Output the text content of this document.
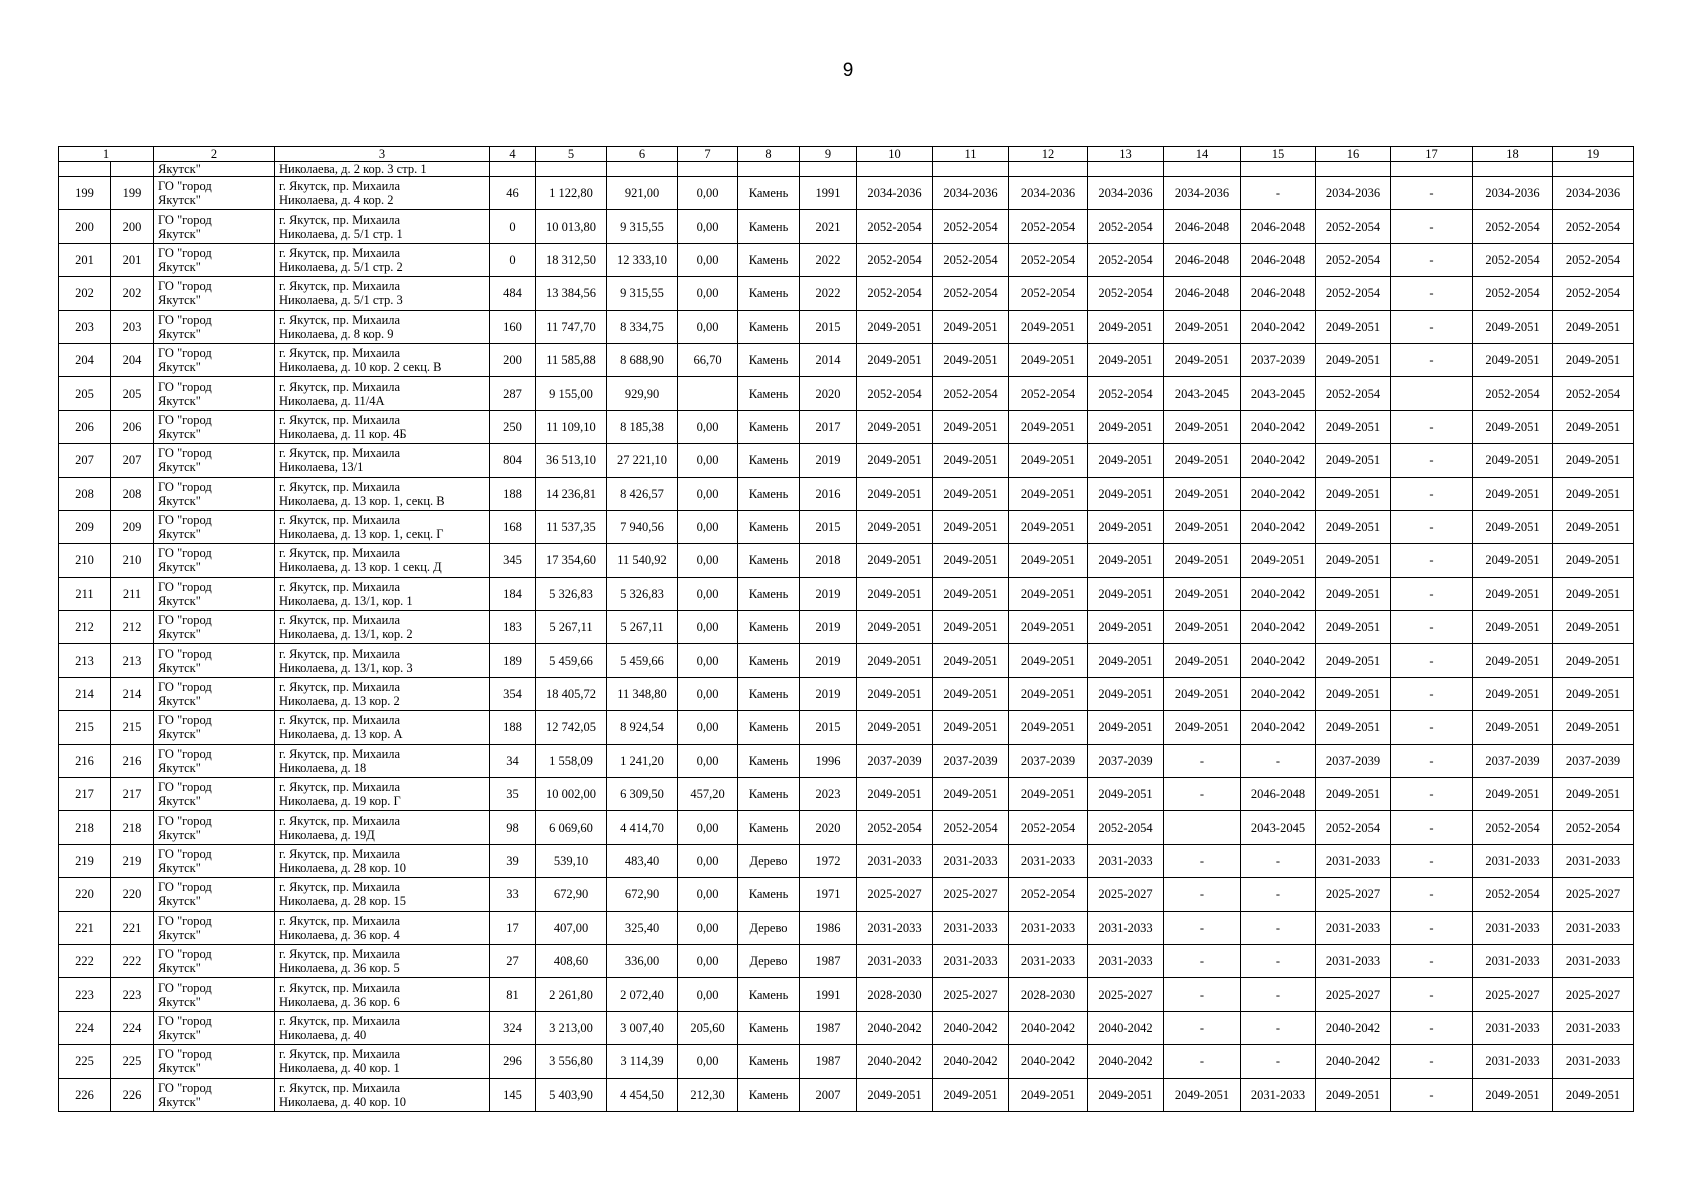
9
1		2	3	4	5	6	7	8	9	10	11	12	13	14	15	16	17	18	19
		Якутск"	Николаева, д. 2 кор. 3 стр. 1																
199	199	ГО "город
Якутск"	г. Якутск, пр. Михаила
Николаева, д. 4 кор. 2	46	1 122,80	921,00	0,00	Камень	1991	2034-2036	2034-2036	2034-2036	2034-2036	2034-2036	-	2034-2036	-	2034-2036	2034-2036
200	200	ГО "город
Якутск"	г. Якутск, пр. Михаила
Николаева, д. 5/1 стр. 1	0	10 013,80	9 315,55	0,00	Камень	2021	2052-2054	2052-2054	2052-2054	2052-2054	2046-2048	2046-2048	2052-2054	-	2052-2054	2052-2054
201	201	ГО "город
Якутск"	г. Якутск, пр. Михаила
Николаева, д. 5/1 стр. 2	0	18 312,50	12 333,10	0,00	Камень	2022	2052-2054	2052-2054	2052-2054	2052-2054	2046-2048	2046-2048	2052-2054	-	2052-2054	2052-2054
202	202	ГО "город
Якутск"	г. Якутск, пр. Михаила
Николаева, д. 5/1 стр. 3	484	13 384,56	9 315,55	0,00	Камень	2022	2052-2054	2052-2054	2052-2054	2052-2054	2046-2048	2046-2048	2052-2054	-	2052-2054	2052-2054
203	203	ГО "город
Якутск"	г. Якутск, пр. Михаила
Николаева, д. 8 кор. 9	160	11 747,70	8 334,75	0,00	Камень	2015	2049-2051	2049-2051	2049-2051	2049-2051	2049-2051	2040-2042	2049-2051	-	2049-2051	2049-2051
204	204	ГО "город
Якутск"	г. Якутск, пр. Михаила
Николаева, д. 10 кор. 2 секц. В	200	11 585,88	8 688,90	66,70	Камень	2014	2049-2051	2049-2051	2049-2051	2049-2051	2049-2051	2037-2039	2049-2051	-	2049-2051	2049-2051
205	205	ГО "город
Якутск"	г. Якутск, пр. Михаила
Николаева, д. 11/4А	287	9 155,00	929,90		Камень	2020	2052-2054	2052-2054	2052-2054	2052-2054	2043-2045	2043-2045	2052-2054		2052-2054	2052-2054
206	206	ГО "город
Якутск"	г. Якутск, пр. Михаила
Николаева, д. 11 кор. 4Б	250	11 109,10	8 185,38	0,00	Камень	2017	2049-2051	2049-2051	2049-2051	2049-2051	2049-2051	2040-2042	2049-2051	-	2049-2051	2049-2051
207	207	ГО "город
Якутск"	г. Якутск, пр. Михаила
Николаева, 13/1	804	36 513,10	27 221,10	0,00	Камень	2019	2049-2051	2049-2051	2049-2051	2049-2051	2049-2051	2040-2042	2049-2051	-	2049-2051	2049-2051
208	208	ГО "город
Якутск"	г. Якутск, пр. Михаила
Николаева, д. 13 кор. 1, секц. В	188	14 236,81	8 426,57	0,00	Камень	2016	2049-2051	2049-2051	2049-2051	2049-2051	2049-2051	2040-2042	2049-2051	-	2049-2051	2049-2051
209	209	ГО "город
Якутск"	г. Якутск, пр. Михаила
Николаева, д. 13 кор. 1, секц. Г	168	11 537,35	7 940,56	0,00	Камень	2015	2049-2051	2049-2051	2049-2051	2049-2051	2049-2051	2040-2042	2049-2051	-	2049-2051	2049-2051
210	210	ГО "город
Якутск"	г. Якутск, пр. Михаила
Николаева, д. 13 кор. 1 секц. Д	345	17 354,60	11 540,92	0,00	Камень	2018	2049-2051	2049-2051	2049-2051	2049-2051	2049-2051	2049-2051	2049-2051	-	2049-2051	2049-2051
211	211	ГО "город
Якутск"	г. Якутск, пр. Михаила
Николаева, д. 13/1, кор. 1	184	5 326,83	5 326,83	0,00	Камень	2019	2049-2051	2049-2051	2049-2051	2049-2051	2049-2051	2040-2042	2049-2051	-	2049-2051	2049-2051
212	212	ГО "город
Якутск"	г. Якутск, пр. Михаила
Николаева, д. 13/1, кор. 2	183	5 267,11	5 267,11	0,00	Камень	2019	2049-2051	2049-2051	2049-2051	2049-2051	2049-2051	2040-2042	2049-2051	-	2049-2051	2049-2051
213	213	ГО "город
Якутск"	г. Якутск, пр. Михаила
Николаева, д. 13/1, кор. 3	189	5 459,66	5 459,66	0,00	Камень	2019	2049-2051	2049-2051	2049-2051	2049-2051	2049-2051	2040-2042	2049-2051	-	2049-2051	2049-2051
214	214	ГО "город
Якутск"	г. Якутск, пр. Михаила
Николаева, д. 13 кор. 2	354	18 405,72	11 348,80	0,00	Камень	2019	2049-2051	2049-2051	2049-2051	2049-2051	2049-2051	2040-2042	2049-2051	-	2049-2051	2049-2051
215	215	ГО "город
Якутск"	г. Якутск, пр. Михаила
Николаева, д. 13 кор. А	188	12 742,05	8 924,54	0,00	Камень	2015	2049-2051	2049-2051	2049-2051	2049-2051	2049-2051	2040-2042	2049-2051	-	2049-2051	2049-2051
216	216	ГО "город
Якутск"	г. Якутск, пр. Михаила
Николаева, д. 18	34	1 558,09	1 241,20	0,00	Камень	1996	2037-2039	2037-2039	2037-2039	2037-2039	-	-	2037-2039	-	2037-2039	2037-2039
217	217	ГО "город
Якутск"	г. Якутск, пр. Михаила
Николаева, д. 19 кор. Г	35	10 002,00	6 309,50	457,20	Камень	2023	2049-2051	2049-2051	2049-2051	2049-2051	-	2046-2048	2049-2051	-	2049-2051	2049-2051
218	218	ГО "город
Якутск"	г. Якутск, пр. Михаила
Николаева, д. 19Д	98	6 069,60	4 414,70	0,00	Камень	2020	2052-2054	2052-2054	2052-2054	2052-2054		2043-2045	2052-2054	-	2052-2054	2052-2054
219	219	ГО "город
Якутск"	г. Якутск, пр. Михаила
Николаева, д. 28 кор. 10	39	539,10	483,40	0,00	Дерево	1972	2031-2033	2031-2033	2031-2033	2031-2033	-	-	2031-2033	-	2031-2033	2031-2033
220	220	ГО "город
Якутск"	г. Якутск, пр. Михаила
Николаева, д. 28 кор. 15	33	672,90	672,90	0,00	Камень	1971	2025-2027	2025-2027	2052-2054	2025-2027	-	-	2025-2027	-	2052-2054	2025-2027
221	221	ГО "город
Якутск"	г. Якутск, пр. Михаила
Николаева, д. 36 кор. 4	17	407,00	325,40	0,00	Дерево	1986	2031-2033	2031-2033	2031-2033	2031-2033	-	-	2031-2033	-	2031-2033	2031-2033
222	222	ГО "город
Якутск"	г. Якутск, пр. Михаила
Николаева, д. 36 кор. 5	27	408,60	336,00	0,00	Дерево	1987	2031-2033	2031-2033	2031-2033	2031-2033	-	-	2031-2033	-	2031-2033	2031-2033
223	223	ГО "город
Якутск"	г. Якутск, пр. Михаила
Николаева, д. 36 кор. 6	81	2 261,80	2 072,40	0,00	Камень	1991	2028-2030	2025-2027	2028-2030	2025-2027	-	-	2025-2027	-	2025-2027	2025-2027
224	224	ГО "город
Якутск"	г. Якутск, пр. Михаила
Николаева, д. 40	324	3 213,00	3 007,40	205,60	Камень	1987	2040-2042	2040-2042	2040-2042	2040-2042	-	-	2040-2042	-	2031-2033	2031-2033
225	225	ГО "город
Якутск"	г. Якутск, пр. Михаила
Николаева, д. 40 кор. 1	296	3 556,80	3 114,39	0,00	Камень	1987	2040-2042	2040-2042	2040-2042	2040-2042	-	-	2040-2042	-	2031-2033	2031-2033
226	226	ГО "город
Якутск"	г. Якутск, пр. Михаила
Николаева, д. 40 кор. 10	145	5 403,90	4 454,50	212,30	Камень	2007	2049-2051	2049-2051	2049-2051	2049-2051	2049-2051	2031-2033	2049-2051	-	2049-2051	2049-2051
